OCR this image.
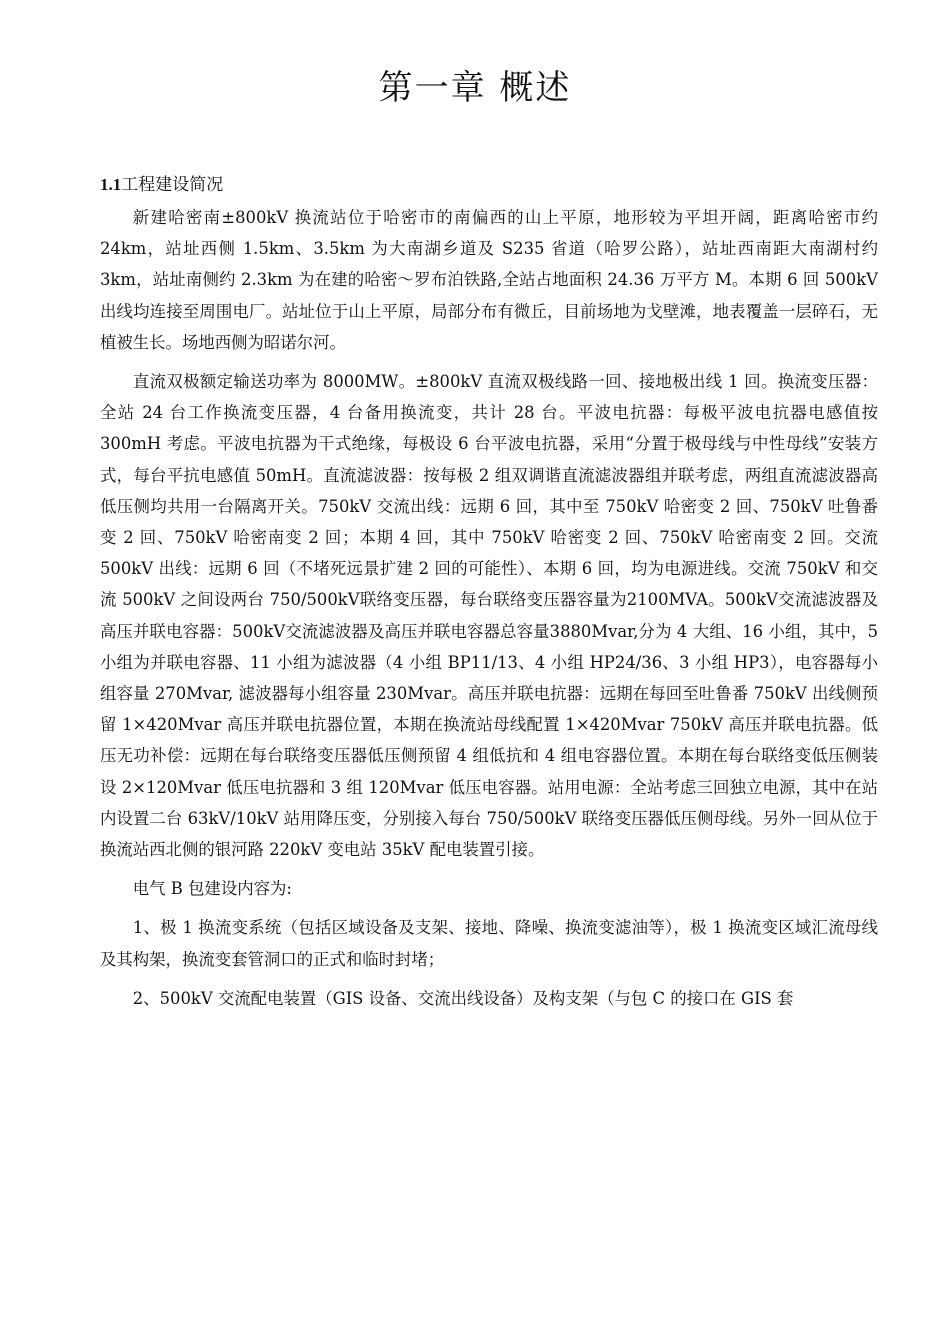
第一章 概述
1.1工程建设简况

新建哈密南±800kV 换流站位于哈密市的南偏西的山上平原，地形较为平坦开阔，距离哈密市约 24km，站址西侧 1.5km、3.5km 为大南湖乡道及 S235 省道（哈罗公路），站址西南距大南湖村约 3km，站址南侧约 2.3km 为在建的哈密～罗布泊铁路,全站占地面积 24.36 万平方 M。本期 6 回 500kV 出线均连接至周围电厂。站址位于山上平原，局部分布有微丘，目前场地为戈壁滩，地表覆盖一层碎石，无植被生长。场地西侧为昭诺尔河。

直流双极额定输送功率为 8000MW。±800kV 直流双极线路一回、接地极出线 1 回。换流变压器：全站 24 台工作换流变压器，4 台备用换流变，共计 28 台。平波电抗器：每极平波电抗器电感值按 300mH 考虑。平波电抗器为干式绝缘，每极设 6 台平波电抗器，采用“分置于极母线与中性母线”安装方式，每台平抗电感值 50mH。直流滤波器：按每极 2 组双调谐直流滤波器组并联考虑，两组直流滤波器高低压侧均共用一台隔离开关。750kV 交流出线：远期 6 回，其中至 750kV 哈密变 2 回、750kV 吐鲁番变 2 回、750kV 哈密南变 2 回；本期 4 回，其中 750kV 哈密变 2 回、750kV 哈密南变 2 回。交流 500kV 出线：远期 6 回（不堵死远景扩建 2 回的可能性）、本期 6 回，均为电源进线。交流 750kV 和交流 500kV 之间设两台 750/500kV联络变压器，每台联络变压器容量为2100MVA。500kV交流滤波器及高压并联电容器：500kV交流滤波器及高压并联电容器总容量3880Mvar,分为 4 大组、16 小组，其中，5 小组为并联电容器、11 小组为滤波器（4 小组 BP11/13、4 小组 HP24/36、3 小组 HP3），电容器每小组容量 270Mvar, 滤波器每小组容量 230Mvar。高压并联电抗器：远期在每回至吐鲁番 750kV 出线侧预留 1×420Mvar 高压并联电抗器位置，本期在换流站母线配置 1×420Mvar 750kV 高压并联电抗器。低压无功补偿：远期在每台联络变压器低压侧预留 4 组低抗和 4 组电容器位置。本期在每台联络变低压侧装设 2×120Mvar 低压电抗器和 3 组 120Mvar 低压电容器。站用电源：全站考虑三回独立电源，其中在站内设置二台 63kV/10kV 站用降压变，分别接入每台 750/500kV 联络变压器低压侧母线。另外一回从位于换流站西北侧的银河路 220kV 变电站 35kV 配电装置引接。

电气 B 包建设内容为:

1、极 1 换流变系统（包括区域设备及支架、接地、降噪、换流变滤油等），极 1 换流变区域汇流母线及其构架，换流变套管洞口的正式和临时封堵；

2、500kV 交流配电装置（GIS 设备、交流出线设备）及构支架（与包 C 的接口在 GIS 套
